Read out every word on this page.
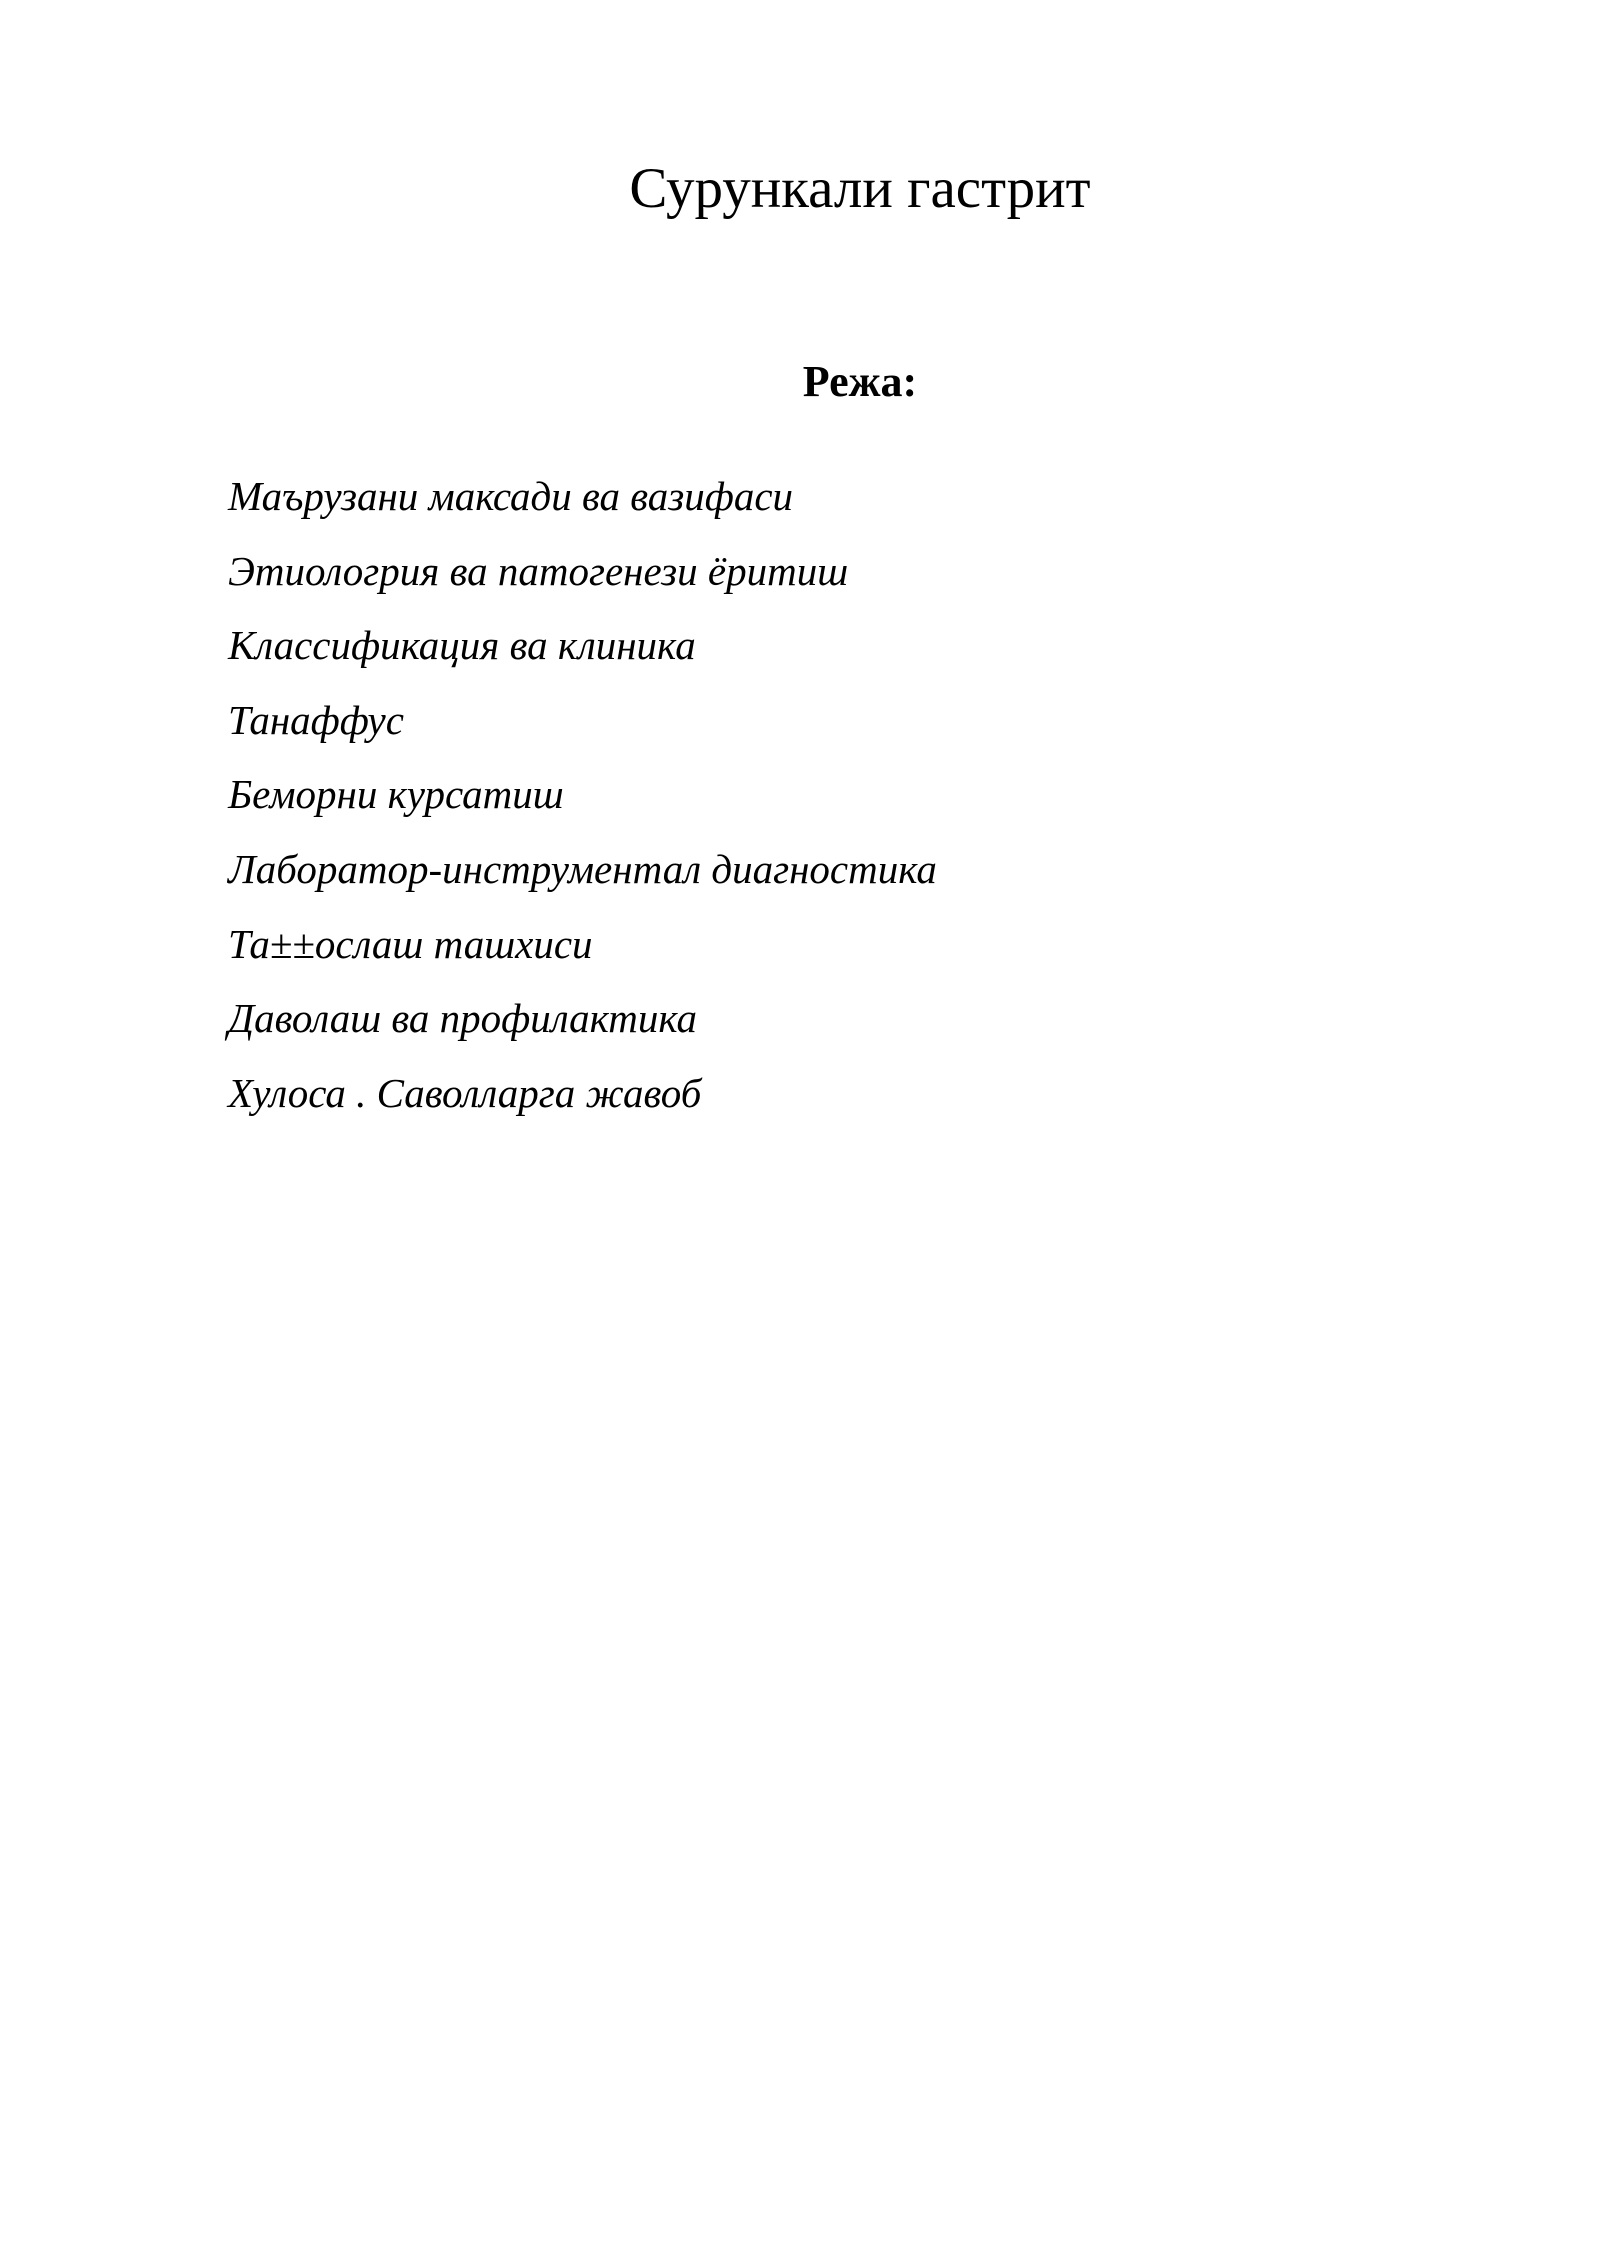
Сурункали гастрит
Режа:
Маърузани максади ва вазифаси
Этиологрия ва патогенези ёритиш
Классификация ва клиника
Танаффус
Беморни курсатиш
Лаборатор-инструментал диагностика
Та±±ослаш ташхиси
Даволаш ва профилактика
Хулоса . Саволларга жавоб
